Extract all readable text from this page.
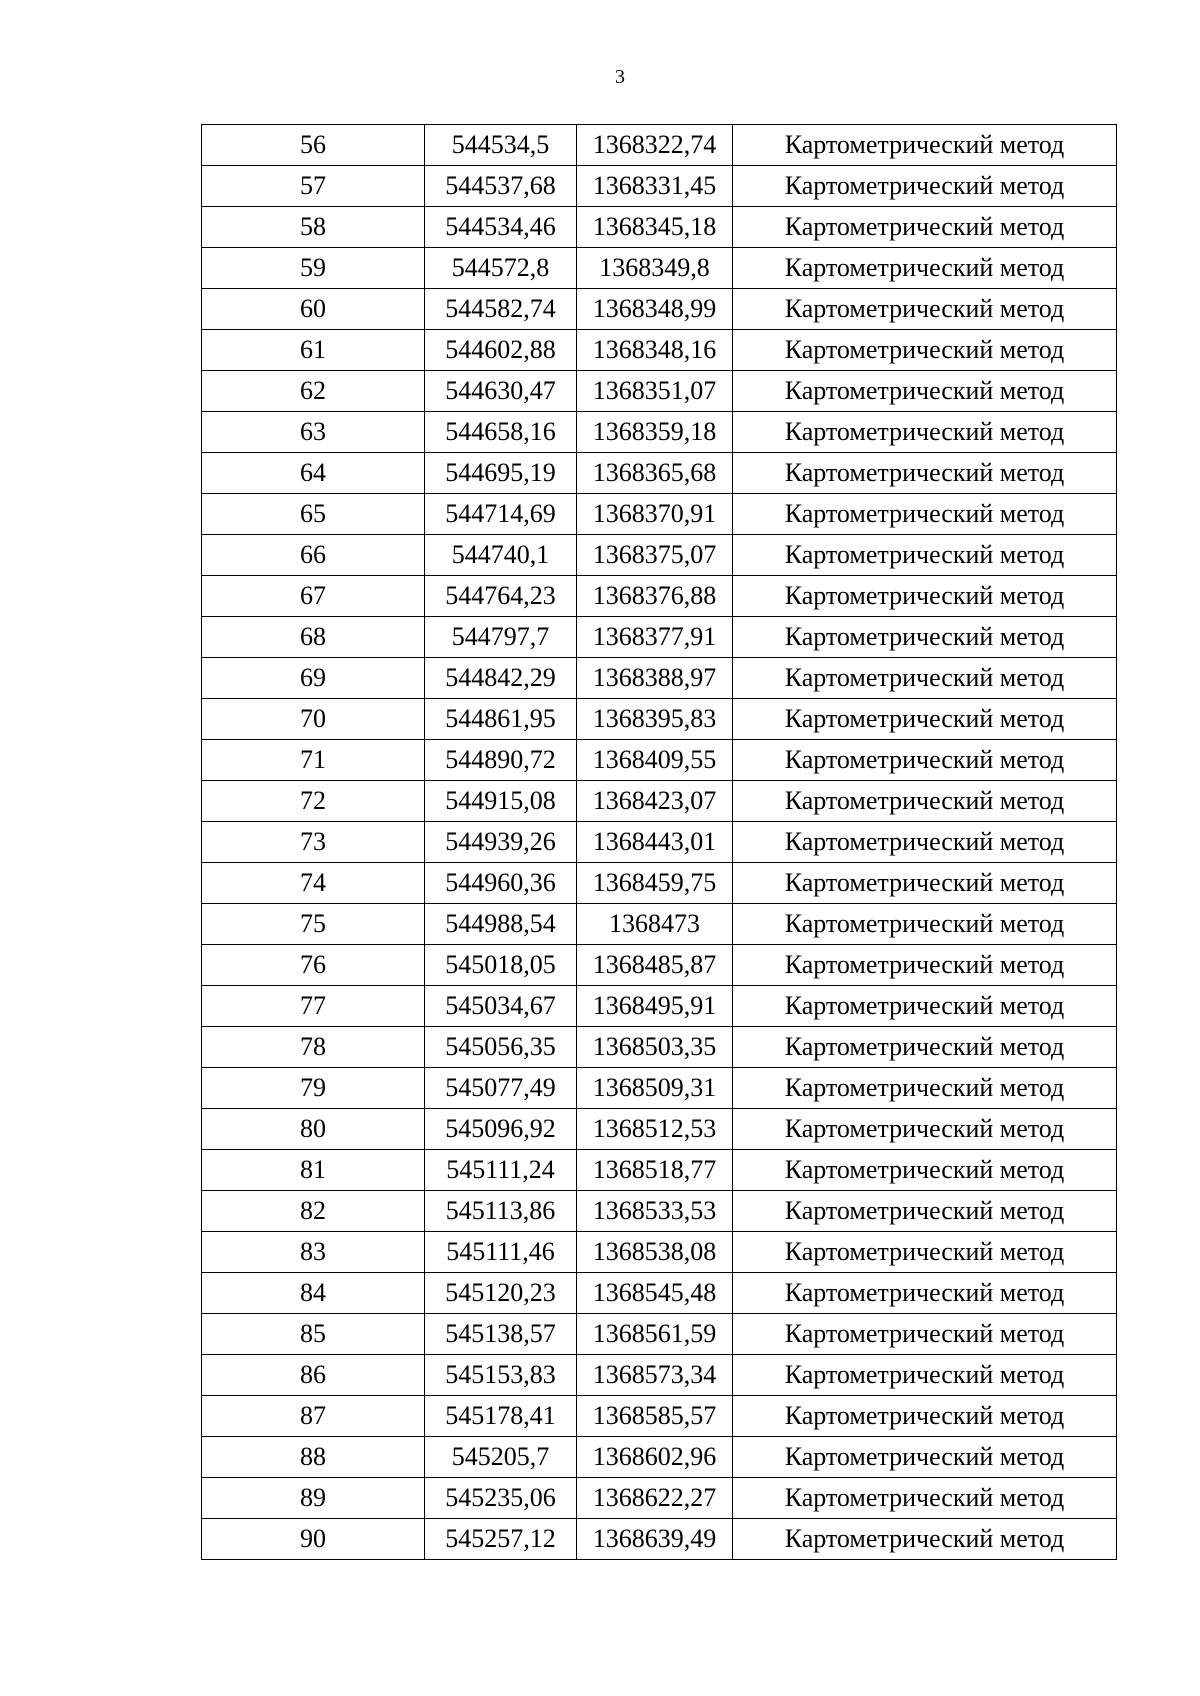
3
56	544534,5	1368322,74	Картометрический метод
57	544537,68	1368331,45	Картометрический метод
58	544534,46	1368345,18	Картометрический метод
59	544572,8	1368349,8	Картометрический метод
60	544582,74	1368348,99	Картометрический метод
61	544602,88	1368348,16	Картометрический метод
62	544630,47	1368351,07	Картометрический метод
63	544658,16	1368359,18	Картометрический метод
64	544695,19	1368365,68	Картометрический метод
65	544714,69	1368370,91	Картометрический метод
66	544740,1	1368375,07	Картометрический метод
67	544764,23	1368376,88	Картометрический метод
68	544797,7	1368377,91	Картометрический метод
69	544842,29	1368388,97	Картометрический метод
70	544861,95	1368395,83	Картометрический метод
71	544890,72	1368409,55	Картометрический метод
72	544915,08	1368423,07	Картометрический метод
73	544939,26	1368443,01	Картометрический метод
74	544960,36	1368459,75	Картометрический метод
75	544988,54	1368473	Картометрический метод
76	545018,05	1368485,87	Картометрический метод
77	545034,67	1368495,91	Картометрический метод
78	545056,35	1368503,35	Картометрический метод
79	545077,49	1368509,31	Картометрический метод
80	545096,92	1368512,53	Картометрический метод
81	545111,24	1368518,77	Картометрический метод
82	545113,86	1368533,53	Картометрический метод
83	545111,46	1368538,08	Картометрический метод
84	545120,23	1368545,48	Картометрический метод
85	545138,57	1368561,59	Картометрический метод
86	545153,83	1368573,34	Картометрический метод
87	545178,41	1368585,57	Картометрический метод
88	545205,7	1368602,96	Картометрический метод
89	545235,06	1368622,27	Картометрический метод
90	545257,12	1368639,49	Картометрический метод
